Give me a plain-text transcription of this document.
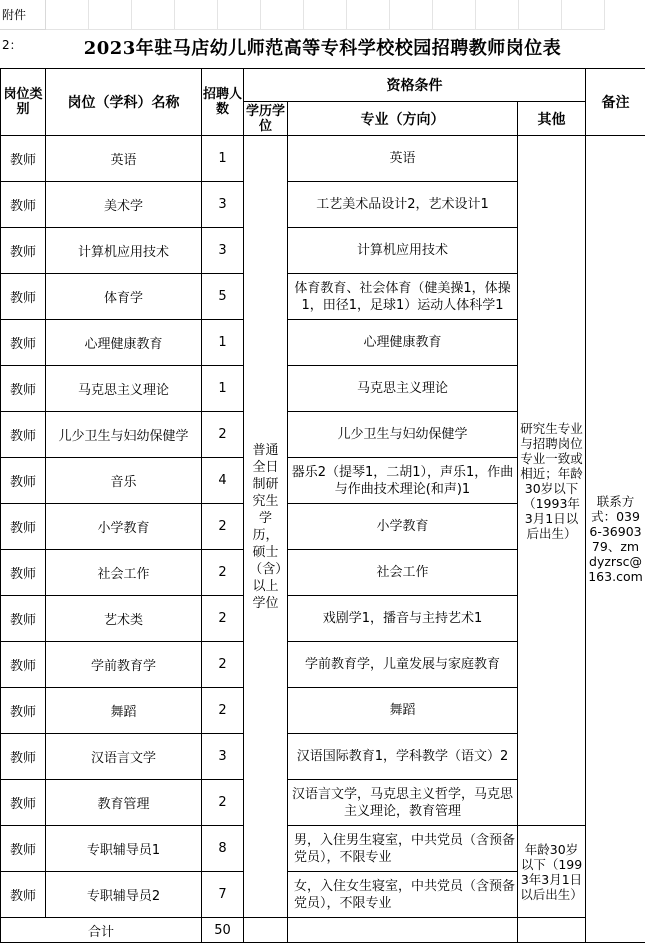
附件2：	2023年驻马店幼儿师范高等专科学校校园招聘教师岗位表
岗位类别	岗位（学科）名称	招聘人数	资格条件			备注
			学历学位	专业（方向）	其他	
教师	英语	1	普通全日制研究生学历，硕士（含）以上学位	英语	研究生专业与招聘岗位专业一致或相近；年龄30岁以下（1993年3月1日以后出生）	联系方式：0396-3690379、zmdyzrsc@163.com
教师	美术学	3		工艺美术品设计2，艺术设计1		
教师	计算机应用技术	3		计算机应用技术		
教师	体育学	5		体育教育、社会体育（健美操1，体操1，田径1，足球1）运动人体科学1		
教师	心理健康教育	1		心理健康教育		
教师	马克思主义理论	1		马克思主义理论		
教师	儿少卫生与妇幼保健学	2		儿少卫生与妇幼保健学		
教师	音乐	4		器乐2（提琴1，二胡1），声乐1，作曲与作曲技术理论(和声)1		
教师	小学教育	2		小学教育		
教师	社会工作	2		社会工作		
教师	艺术类	2		戏剧学1，播音与主持艺术1		
教师	学前教育学	2		学前教育学，儿童发展与家庭教育		
教师	舞蹈	2		舞蹈		
教师	汉语言文学	3		汉语国际教育1，学科教学（语文）2		
教师	教育管理	2		汉语言文学，马克思主义哲学，马克思主义理论，教育管理		
教师	专职辅导员1	8		男，入住男生寝室，中共党员（含预备党员），不限专业	年龄30岁以下（1993年3月1日以后出生）	
教师	专职辅导员2	7		女，入住女生寝室，中共党员（含预备党员），不限专业		
合计		50				
